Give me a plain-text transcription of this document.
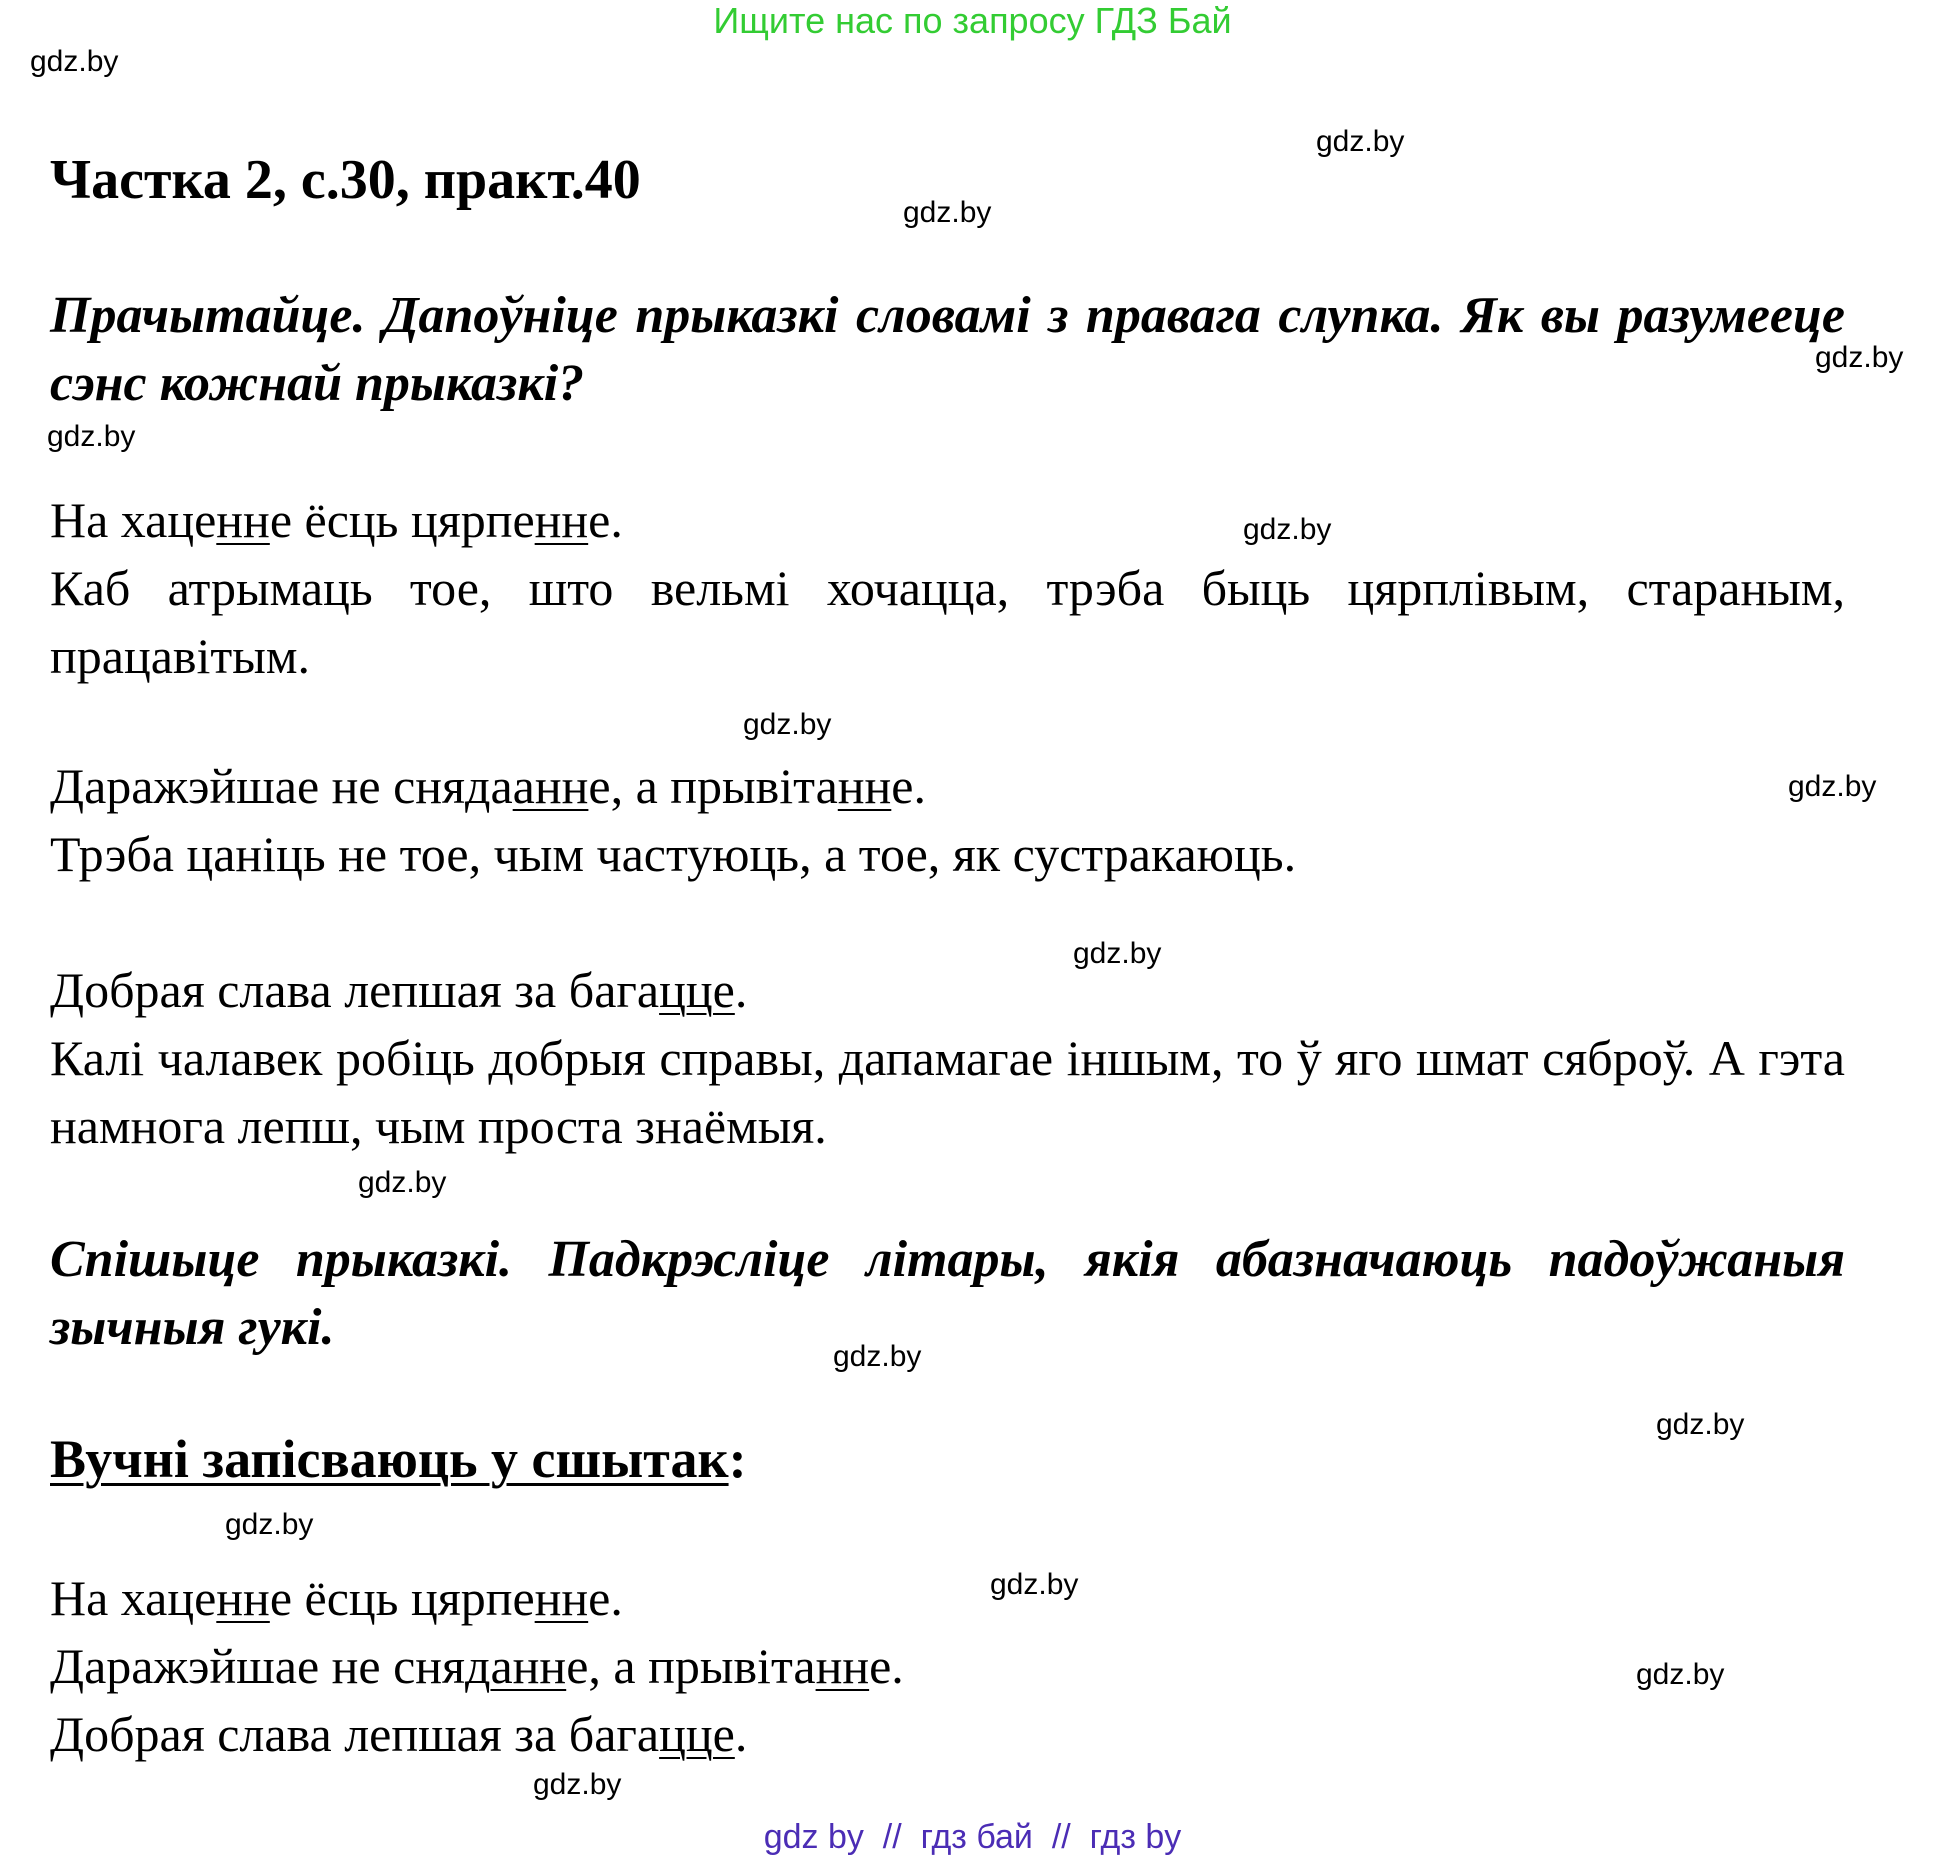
Ищите нас по запросу ГДЗ Бай
gdz.by
gdz.by
gdz.by
gdz.by
gdz.by
gdz.by
gdz.by
gdz.by
gdz.by
gdz.by
gdz.by
gdz.by
gdz.by
gdz.by
gdz.by
gdz.by
Частка 2, с.30, практ.40
Прачытайце. Дапоўніце прыказкі словамі з правага слупка. Як вы разумееце сэнс кожнай прыказкі?
На хаценне ёсць цярпенне.
Каб атрымаць тое, што вельмі хочацца, трэба быць цярплівым, стараным, працавітым.
Даражэйшае не снядaанне, а прывітанне.
Трэба цаніць не тое, чым частуюць, а тое, як сустракаюць.
Добрая слава лепшая за багацце.
Калі чалавек робіць добрыя справы, дапамагае іншым, то ў яго шмат сяброў. А гэта намнога лепш, чым проста знаёмыя.
Спішыце прыказкі. Падкрэсліце літары, якія абазначаюць падоўжаныя зычныя гукі.
Вучні запісваюць у сшытак:
На хаценне ёсць цярпенне.
Даражэйшае не сняданне, а прывітанне.
Добрая слава лепшая за багацце.
gdz by  //  гдз бай  //  гдз by
